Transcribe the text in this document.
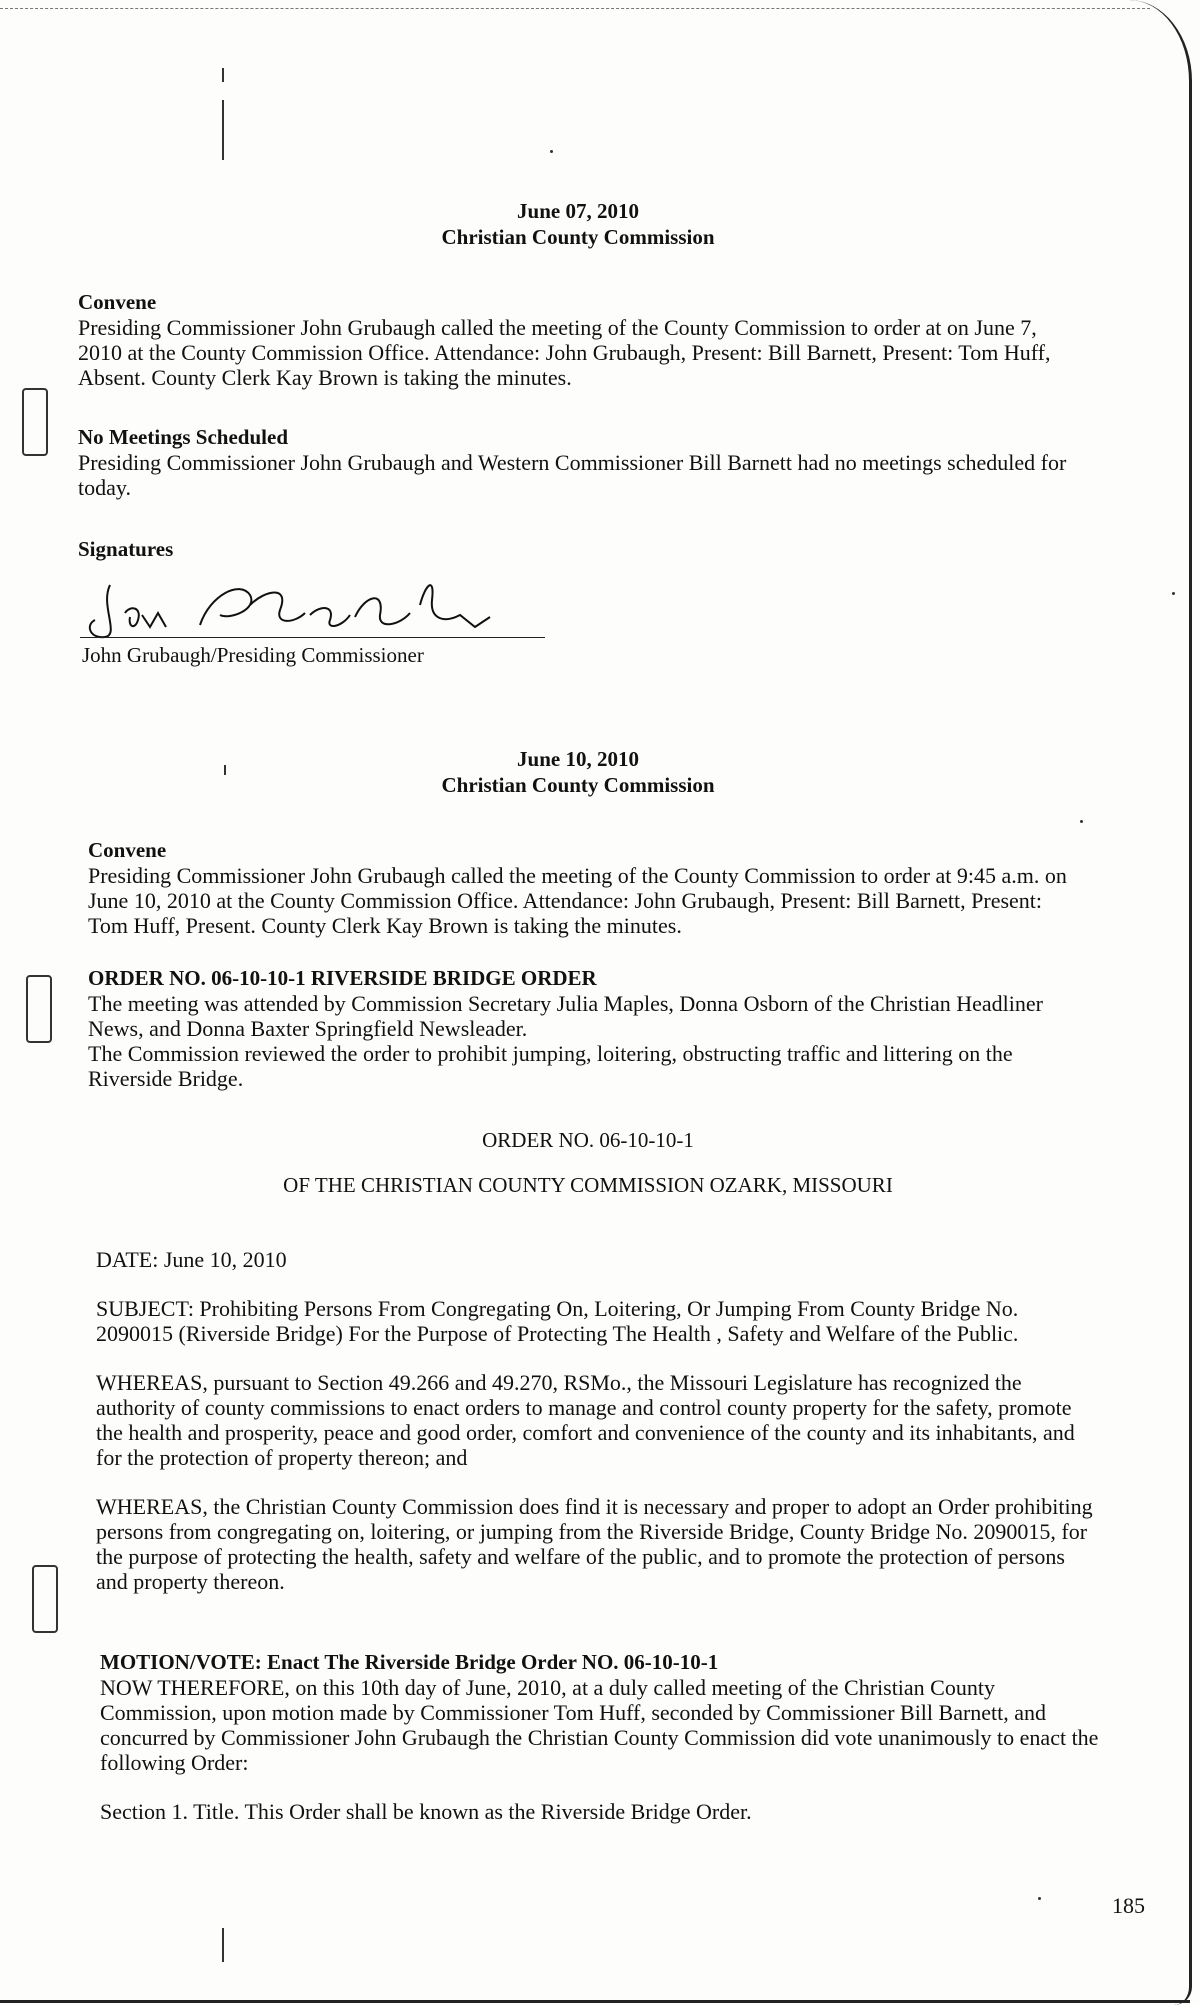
June 07, 2010
Christian County Commission

Convene

Presiding Commissioner John Grubaugh called the meeting of the County Commission to order at on June 7, 2010 at the County Commission Office. Attendance: John Grubaugh, Present: Bill Barnett, Present: Tom Huff, Absent. County Clerk Kay Brown is taking the minutes.

No Meetings Scheduled

Presiding Commissioner John Grubaugh and Western Commissioner Bill Barnett had no meetings scheduled for today.

Signatures

John Grubaugh/Presiding Commissioner
June 10, 2010
Christian County Commission

Convene

Presiding Commissioner John Grubaugh called the meeting of the County Commission to order at 9:45 a.m. on June 10, 2010 at the County Commission Office. Attendance: John Grubaugh, Present: Bill Barnett, Present: Tom Huff, Present. County Clerk Kay Brown is taking the minutes.

ORDER NO. 06-10-10-1 RIVERSIDE BRIDGE ORDER

The meeting was attended by Commission Secretary Julia Maples, Donna Osborn of the Christian Headliner News, and Donna Baxter Springfield Newsleader.

The Commission reviewed the order to prohibit jumping, loitering, obstructing traffic and littering on the Riverside Bridge.

ORDER NO. 06-10-10-1

OF THE CHRISTIAN COUNTY COMMISSION OZARK, MISSOURI

DATE: June 10, 2010

SUBJECT: Prohibiting Persons From Congregating On, Loitering, Or Jumping From County Bridge No. 2090015 (Riverside Bridge) For the Purpose of Protecting The Health , Safety and Welfare of the Public.

WHEREAS, pursuant to Section 49.266 and 49.270, RSMo., the Missouri Legislature has recognized the authority of county commissions to enact orders to manage and control county property for the safety, promote the health and prosperity, peace and good order, comfort and convenience of the county and its inhabitants, and for the protection of property thereon; and

WHEREAS, the Christian County Commission does find it is necessary and proper to adopt an Order prohibiting persons from congregating on, loitering, or jumping from the Riverside Bridge, County Bridge No. 2090015, for the purpose of protecting the health, safety and welfare of the public, and to promote the protection of persons and property thereon.

MOTION/VOTE: Enact The Riverside Bridge Order NO. 06-10-10-1

NOW THEREFORE, on this 10th day of June, 2010, at a duly called meeting of the Christian County Commission, upon motion made by Commissioner Tom Huff, seconded by Commissioner Bill Barnett, and concurred by Commissioner John Grubaugh the Christian County Commission did vote unanimously to enact the following Order:

Section 1. Title. This Order shall be known as the Riverside Bridge Order.

185
